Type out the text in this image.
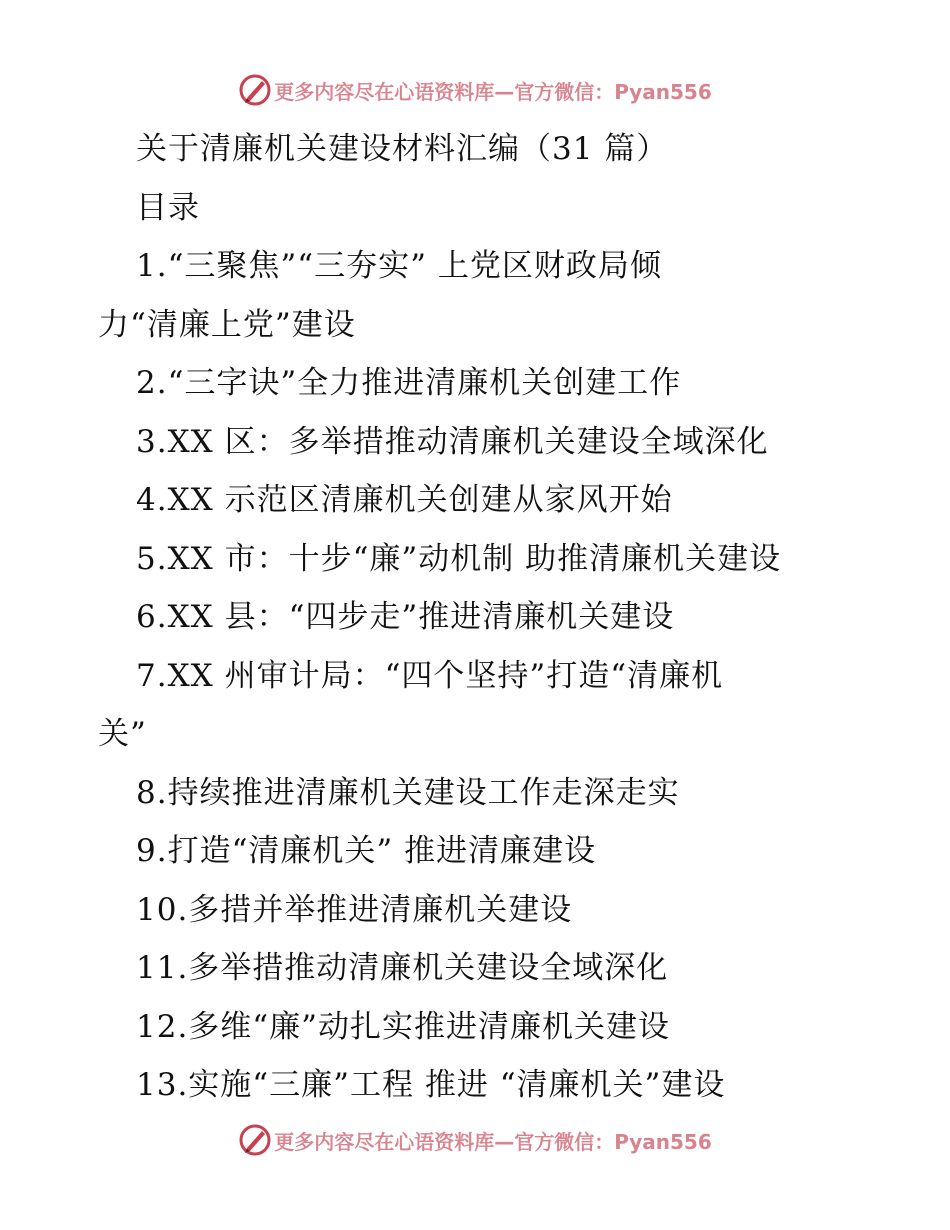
更多内容尽在心语资料库—官方微信：Pyan556
关于清廉机关建设材料汇编（31 篇）
目录
1.“三聚焦”“三夯实” 上党区财政局倾
力“清廉上党”建设
2.“三字诀”全力推进清廉机关创建工作
3.XX 区：多举措推动清廉机关建设全域深化
4.XX 示范区清廉机关创建从家风开始
5.XX 市：十步“廉”动机制 助推清廉机关建设
6.XX 县：“四步走”推进清廉机关建设
7.XX 州审计局：“四个坚持”打造“清廉机
关”
8.持续推进清廉机关建设工作走深走实
9.打造“清廉机关” 推进清廉建设
10.多措并举推进清廉机关建设
11.多举措推动清廉机关建设全域深化
12.多维“廉”动扎实推进清廉机关建设
13.实施“三廉”工程 推进 “清廉机关”建设
更多内容尽在心语资料库—官方微信：Pyan556
